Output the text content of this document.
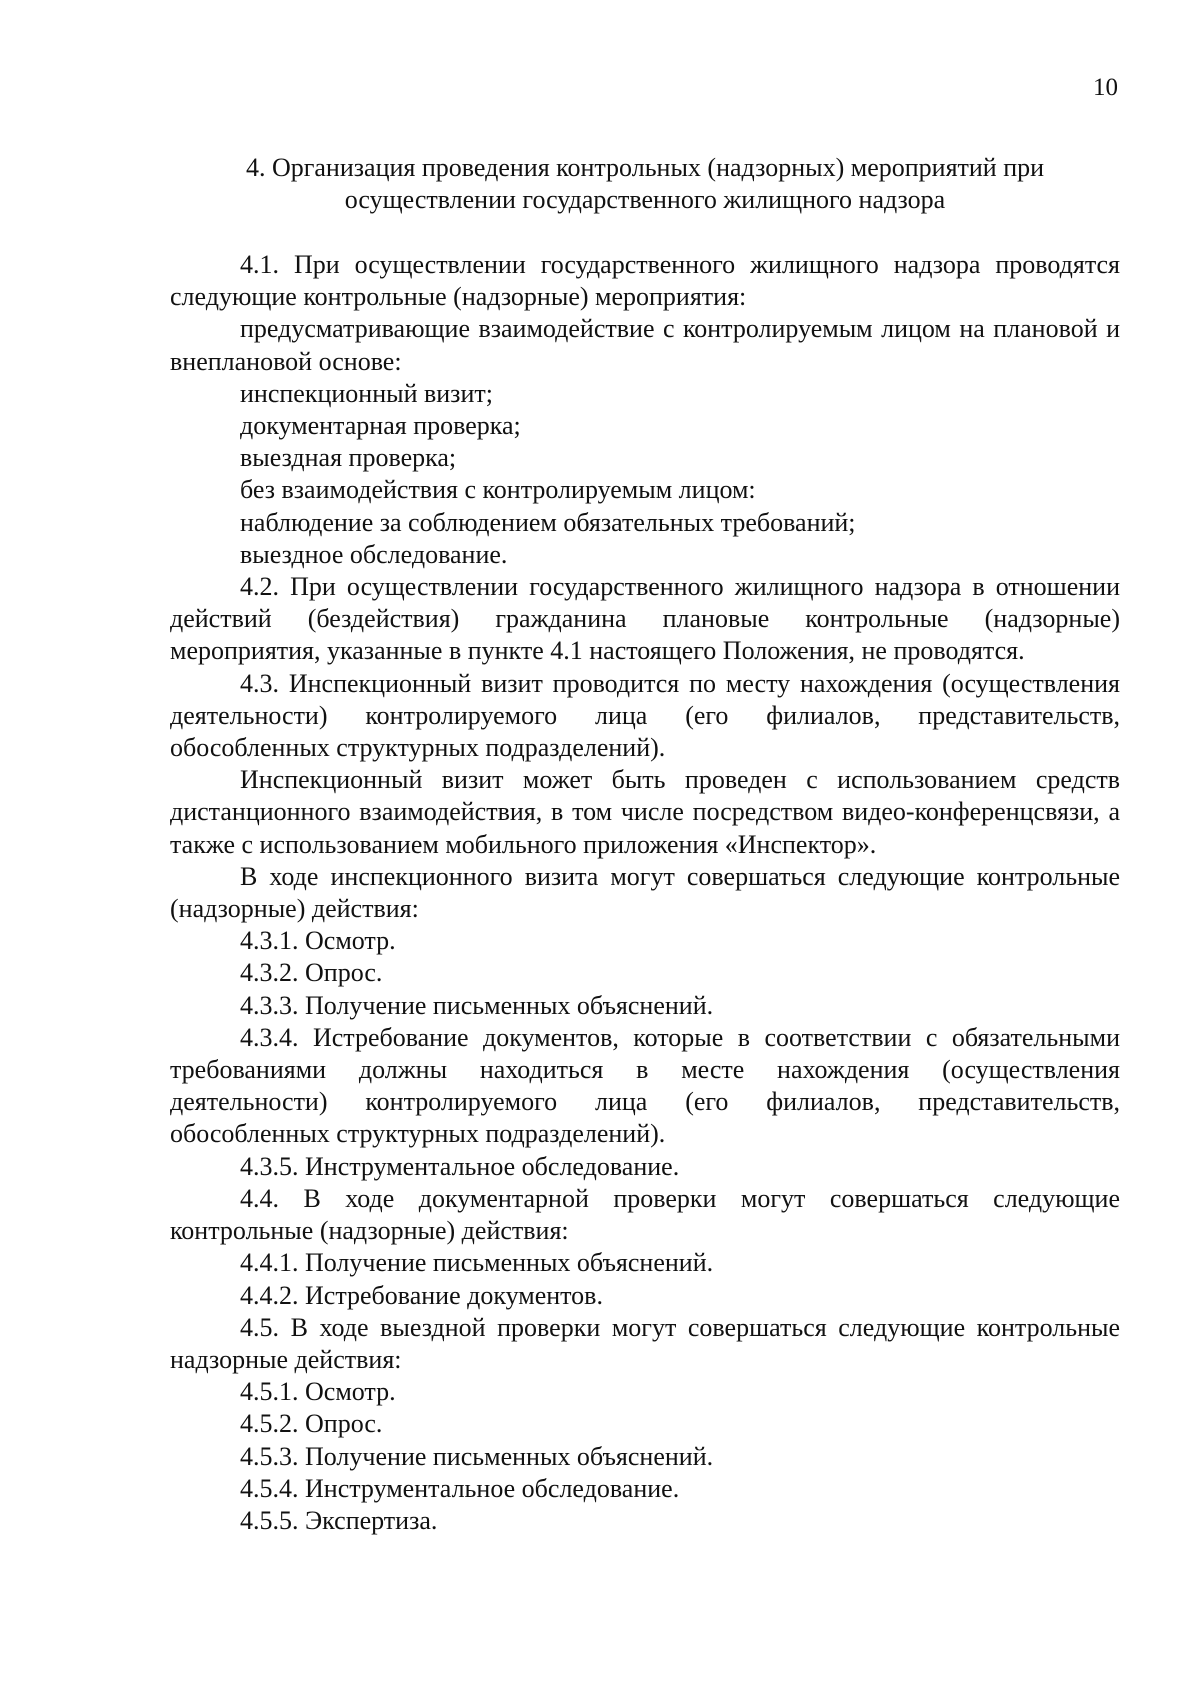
10
4. Организация проведения контрольных (надзорных) мероприятий при
осуществлении государственного жилищного надзора

4.1. При осуществлении государственного жилищного надзора проводятся следующие контрольные (надзорные) мероприятия:

предусматривающие взаимодействие с контролируемым лицом на плановой и внеплановой основе:

инспекционный визит;

документарная проверка;

выездная проверка;

без взаимодействия с контролируемым лицом:

наблюдение за соблюдением обязательных требований;

выездное обследование.

4.2. При осуществлении государственного жилищного надзора в отношении действий (бездействия) гражданина плановые контрольные (надзорные) мероприятия, указанные в пункте 4.1 настоящего Положения, не проводятся.

4.3. Инспекционный визит проводится по месту нахождения (осуществления деятельности) контролируемого лица (его филиалов, представительств, обособленных структурных подразделений).

Инспекционный визит может быть проведен с использованием средств дистанционного взаимодействия, в том числе посредством видео-конференцсвязи, а также с использованием мобильного приложения «Инспектор».

В ходе инспекционного визита могут совершаться следующие контрольные (надзорные) действия:

4.3.1. Осмотр.

4.3.2. Опрос.

4.3.3. Получение письменных объяснений.

4.3.4. Истребование документов, которые в соответствии с обязательными требованиями должны находиться в месте нахождения (осуществления деятельности) контролируемого лица (его филиалов, представительств, обособленных структурных подразделений).

4.3.5. Инструментальное обследование.

4.4. В ходе документарной проверки могут совершаться следующие контрольные (надзорные) действия:

4.4.1. Получение письменных объяснений.

4.4.2. Истребование документов.

4.5. В ходе выездной проверки могут совершаться следующие контрольные надзорные действия:

4.5.1. Осмотр.

4.5.2. Опрос.

4.5.3. Получение письменных объяснений.

4.5.4. Инструментальное обследование.

4.5.5. Экспертиза.
